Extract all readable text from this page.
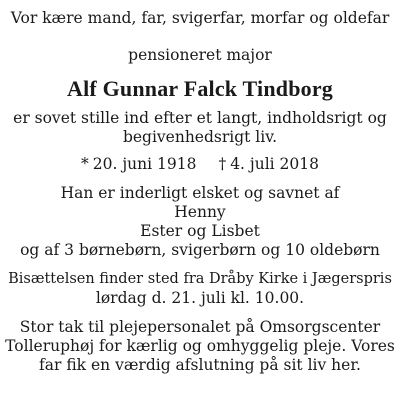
Vor kære mand, far, svigerfar, morfar og oldefar
pensioneret major
Alf Gunnar Falck Tindborg
er sovet stille ind efter et langt, indholdsrigt og
begivenhedsrigt liv.
* 20. juni 1918 † 4. juli 2018
Han er inderligt elsket og savnet af
Henny
Ester og Lisbet
og af 3 børnebørn, svigerbørn og 10 oldebørn
Bisættelsen finder sted fra Dråby Kirke i Jægerspris
lørdag d. 21. juli kl. 10.00.
Stor tak til plejepersonalet på Omsorgscenter
Tolleruphøj for kærlig og omhyggelig pleje. Vores
far fik en værdig afslutning på sit liv her.
